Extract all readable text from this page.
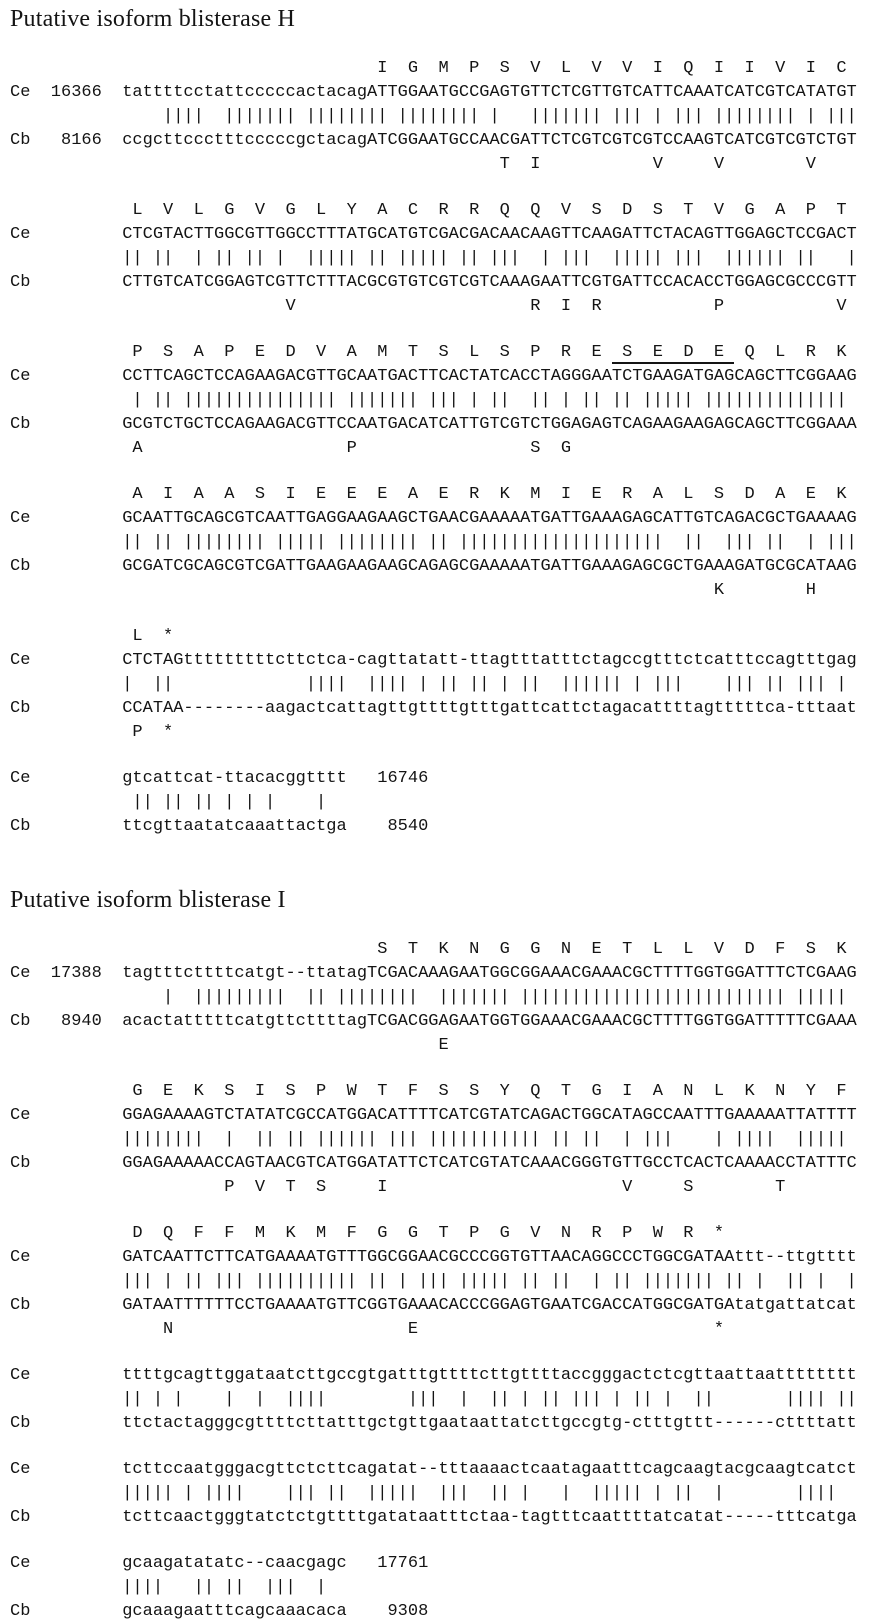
Putative isoform blisterase H
I  G  M  P  S  V  L  V  V  I  Q  I  I  V  I  C
Ce  16366  tattttcctattcccccactacagATTGGAATGCCGAGTGTTCTCGTTGTCATTCAAATCATCGTCATATGT
||||  ||||||| |||||||| |||||||| |   ||||||| ||| | ||| |||||||| | |||
Cb   8166  ccgcttccctttcccccgctacagATCGGAATGCCAACGATTCTCGTCGTCGTCCAAGTCATCGTCGTCTGT
T  I           V     V        V
L  V  L  G  V  G  L  Y  A  C  R  R  Q  Q  V  S  D  S  T  V  G  A  P  T
Ce         CTCGTACTTGGCGTTGGCCTTTATGCATGTCGACGACAACAAGTTCAAGATTCTACAGTTGGAGCTCCGACT
|| ||  | || || |  ||||| || ||||| || |||  | |||  ||||| |||  |||||| ||   |
Cb         CTTGTCATCGGAGTCGTTCTTTACGCGTGTCGTCGTCAAAGAATTCGTGATTCCACACCTGGAGCGCCCGTT
V                       R  I  R           P           V
P  S  A  P  E  D  V  A  M  T  S  L  S  P  R  E  S  E  D  E  Q  L  R  K
Ce         CCTTCAGCTCCAGAAGACGTTGCAATGACTTCACTATCACCTAGGGAATCTGAAGATGAGCAGCTTCGGAAG
| || ||||||||||||||| ||||||| ||| | ||  || | || || ||||| ||||||||||||||
Cb         GCGTCTGCTCCAGAAGACGTTCCAATGACATCATTGTCGTCTGGAGAGTCAGAAGAAGAGCAGCTTCGGAAA
A                    P                 S  G
A  I  A  A  S  I  E  E  E  A  E  R  K  M  I  E  R  A  L  S  D  A  E  K
Ce         GCAATTGCAGCGTCAATTGAGGAAGAAGCTGAACGAAAAATGATTGAAAGAGCATTGTCAGACGCTGAAAAG
|| || |||||||| ||||| |||||||| || ||||||||||||||||||||  ||  ||| ||  | |||
Cb         GCGATCGCAGCGTCGATTGAAGAAGAAGCAGAGCGAAAAATGATTGAAAGAGCGCTGAAAGATGCGCATAAG
K        H
L  *
Ce         CTCTAGtttttttttcttctca-cagttatatt-ttagtttatttctagccgtttctcatttccagtttgag
|  ||             ||||  |||| | || || | ||  |||||| | |||    ||| || ||| |
Cb         CCATAA--------aagactcattagttgttttgtttgattcattctagacattttagtttttca-tttaat
P  *
Ce         gtcattcat-ttacacggtttt   16746
|| || || | | |    |
Cb         ttcgttaatatcaaattactga    8540
Putative isoform blisterase I
S  T  K  N  G  G  N  E  T  L  L  V  D  F  S  K
Ce  17388  tagtttcttttcatgt--ttatagTCGACAAAGAATGGCGGAAACGAAACGCTTTTGGTGGATTTCTCGAAG
|  |||||||||  || ||||||||  ||||||| |||||||||||||||||||||||||| |||||
Cb   8940  acactatttttcatgttcttttagTCGACGGAGAATGGTGGAAACGAAACGCTTTTGGTGGATTTTTCGAAA
E
G  E  K  S  I  S  P  W  T  F  S  S  Y  Q  T  G  I  A  N  L  K  N  Y  F
Ce         GGAGAAAAGTCTATATCGCCATGGACATTTTCATCGTATCAGACTGGCATAGCCAATTTGAAAAATTATTTT
||||||||  |  || || |||||| ||| ||||||||||| || ||  | |||    | ||||  |||||
Cb         GGAGAAAAACCAGTAACGTCATGGATATTCTCATCGTATCAAACGGGTGTTGCCTCACTCAAAACCTATTTC
P  V  T  S     I                       V     S        T
D  Q  F  F  M  K  M  F  G  G  T  P  G  V  N  R  P  W  R  *
Ce         GATCAATTCTTCATGAAAATGTTTGGCGGAACGCCCGGTGTTAACAGGCCCTGGCGATAAttt--ttgtttt
||| | || ||| |||||||||| || | ||| ||||| || ||  | || ||||||| || |  || |  |
Cb         GATAATTTTTTCCTGAAAATGTTCGGTGAAACACCCGGAGTGAATCGACCATGGCGATGAtatgattatcat
N                       E                             *
Ce         ttttgcagttggataatcttgccgtgatttgttttcttgttttaccgggactctcgttaattaatttttttt
|| | |    |  |  ||||        |||  |  || | || ||| | || |  ||       |||| ||
Cb         ttctactagggcgttttcttatttgctgttgaataattatcttgccgtg-ctttgttt------cttttatt
Ce         tcttccaatgggacgttctcttcagatat--tttaaaactcaatagaatttcagcaagtacgcaagtcatct
||||| | ||||    ||| ||  |||||  |||  || |   |  ||||| | ||  |       ||||
Cb         tcttcaactgggtatctctgttttgatataatttctaa-tagtttcaattttatcatat-----tttcatga
Ce         gcaagatatatc--caacgagc   17761
||||   || ||  |||  |
Cb         gcaaagaatttcagcaaacaca    9308
